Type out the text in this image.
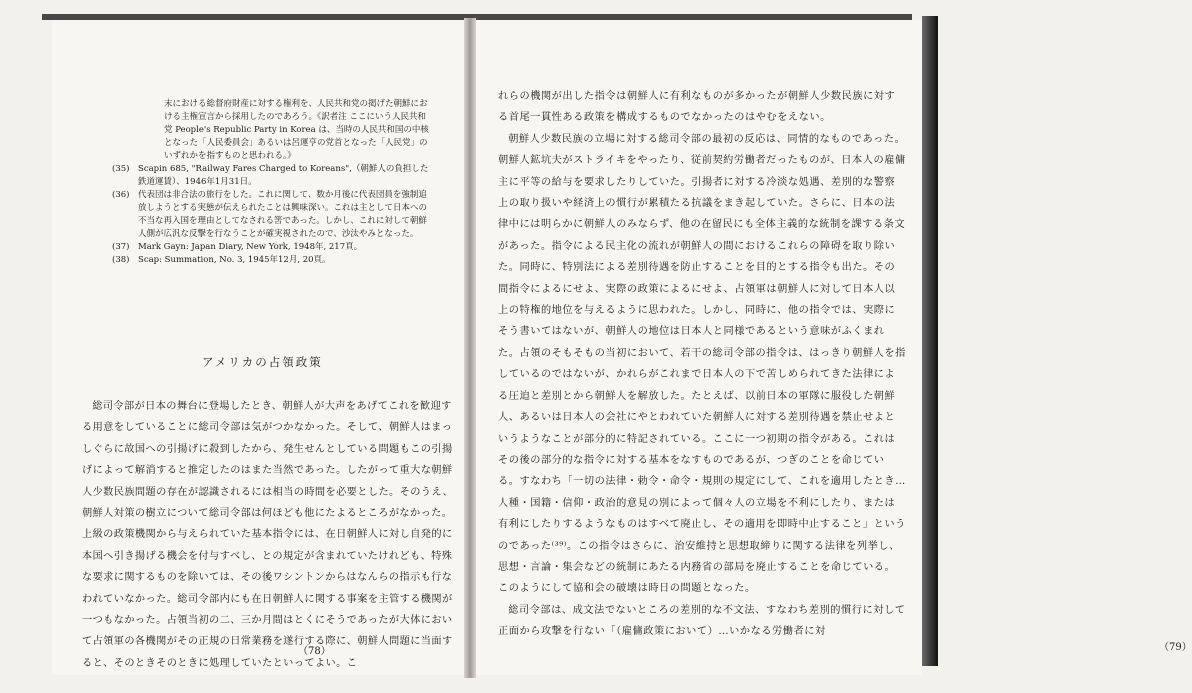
末における総督府財産に対する権利を、人民共和党の掲げた朝鮮における主権宣言から採用したのであろう。《訳者注 ここにいう人民共和党 People's Republic Party in Korea は、当時の人民共和国の中核となった「人民委員会」あるいは呂運亨の党首となった「人民党」のいずれかを指すものと思われる。》
(35)	Scapin 685, "Railway Fares Charged to Koreans",（朝鮮人の負担した鉄道運賃）、1946年1月31日。
(36)	代表団は非合法の旅行をした。これに関して、数か月後に代表団員を強制追放しようとする実態が伝えられたことは興味深い。これは主として日本への不当な再入国を理由としてなされる筈であった。しかし、これに対して朝鮮人側が広汎な反撃を行なうことが確実視されたので、沙汰やみとなった。
(37)	Mark Gayn: Japan Diary, New York, 1948年, 217頁。
(38)	Scap: Summation, No. 3, 1945年12月, 20頁。
アメリカの占領政策

総司令部が日本の舞台に登場したとき、朝鮮人が大声をあげてこれを歓迎する用意をしていることに総司令部は気がつかなかった。そして、朝鮮人はまっしぐらに故国への引揚げに殺到したから、発生せんとしている問題もこの引揚げによって解消すると推定したのはまた当然であった。したがって重大な朝鮮人少数民族問題の存在が認識されるには相当の時間を必要とした。そのうえ、朝鮮人対策の樹立について総司令部は何ほども他にたよるところがなかった。上級の政策機関から与えられていた基本指令には、在日朝鮮人に対し自発的に本国へ引き揚げる機会を付与すべし、との規定が含まれていたけれども、特殊な要求に関するものを除いては、その後ワシントンからはなんらの指示も行なわれていなかった。総司令部内にも在日朝鮮人に関する事案を主管する機関が一つもなかった。占領当初の二、三か月間はとくにそうであったが大体において占領軍の各機関がその正規の日常業務を遂行する際に、朝鮮人問題に当面すると、そのときそのときに処理していたといってよい。こ

（78）

れらの機関が出した指令は朝鮮人に有利なものが多かったが朝鮮人少数民族に対する首尾一貫性ある政策を構成するものでなかったのはやむをえない。

朝鮮人少数民族の立場に対する総司令部の最初の反応は、同情的なものであった。朝鮮人鉱坑夫がストライキをやったり、従前契約労働者だったものが、日本人の雇傭主に平等の給与を要求したりしていた。引揚者に対する冷淡な処遇、差別的な警察上の取り扱いや経済上の慣行が累積たる抗議をまき起していた。さらに、日本の法律中には明らかに朝鮮人のみならず、他の在留民にも全体主義的な統制を課する条文があった。指令による民主化の流れが朝鮮人の間におけるこれらの障碍を取り除いた。同時に、特別法による差別待遇を防止することを目的とする指令も出た。その間指令によるにせよ、実際の政策によるにせよ、占領軍は朝鮮人に対して日本人以上の特権的地位を与えるように思われた。しかし、同時に、他の指令では、実際にそう書いてはないが、朝鮮人の地位は日本人と同様であるという意味がふくまれた。占領のそもそもの当初において、若干の総司令部の指令は、はっきり朝鮮人を指しているのではないが、かれらがこれまで日本人の下で苦しめられてきた法律による圧迫と差別とから朝鮮人を解放した。たとえば、以前日本の軍隊に服役した朝鮮人、あるいは日本人の会社にやとわれていた朝鮮人に対する差別待遇を禁止せよというようなことが部分的に特記されている。ここに一つ初期の指令がある。これはその後の部分的な指令に対する基本をなすものであるが、つぎのことを命じている。すなわち「一切の法律・勅令・命令・規則の規定にして、これを適用したとき…人種・国籍・信仰・政治的意見の別によって個々人の立場を不利にしたり、または有利にしたりするようなものはすべて廃止し、その適用を即時中止すること」というのであった⁽³⁹⁾。この指令はさらに、治安維持と思想取締りに関する法律を列挙し、思想・言論・集会などの統制にあたる内務省の部局を廃止することを命じている。このようにして協和会の破壊は時日の問題となった。

総司令部は、成文法でないところの差別的な不文法、すなわち差別的慣行に対して正面から攻撃を行ない「（雇傭政策において）…いかなる労働者に対

（79）
